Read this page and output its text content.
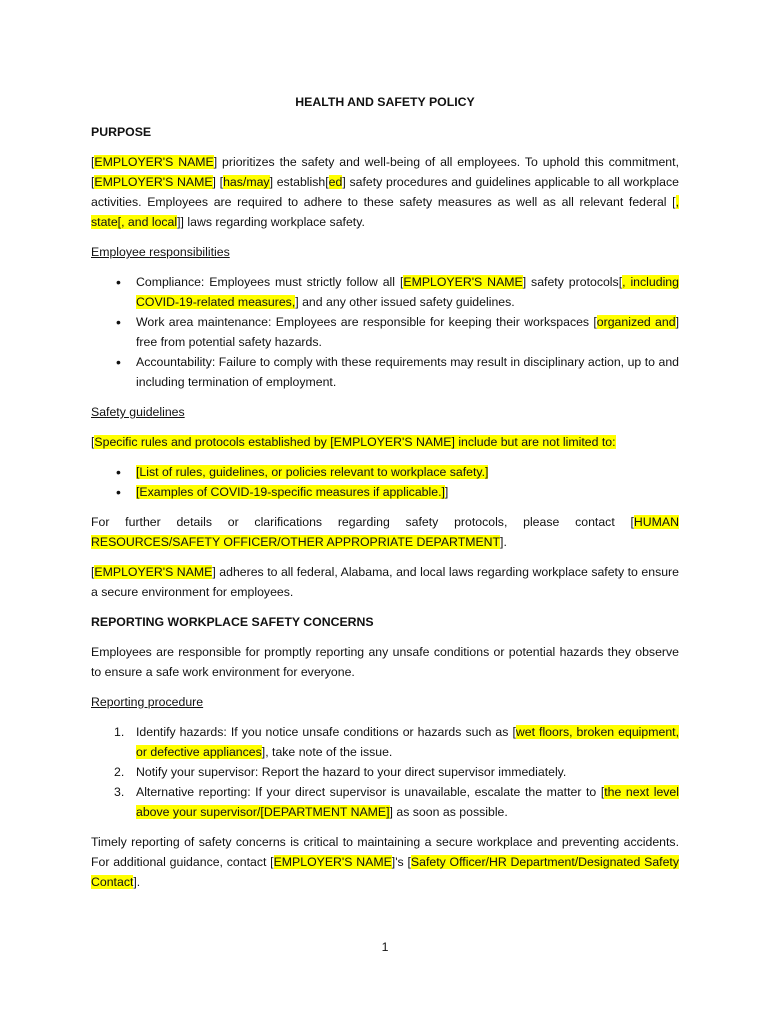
HEALTH AND SAFETY POLICY
PURPOSE

[EMPLOYER'S NAME] prioritizes the safety and well-being of all employees. To uphold this commitment, [EMPLOYER'S NAME] [has/may] establish[ed] safety procedures and guidelines applicable to all workplace activities. Employees are required to adhere to these safety measures as well as all relevant federal [, state[, and local]] laws regarding workplace safety.

Employee responsibilities
• Compliance: Employees must strictly follow all [EMPLOYER'S NAME] safety protocols[, including COVID-19-related measures,] and any other issued safety guidelines.
• Work area maintenance: Employees are responsible for keeping their workspaces [organized and] free from potential safety hazards.
• Accountability: Failure to comply with these requirements may result in disciplinary action, up to and including termination of employment.
Safety guidelines

[Specific rules and protocols established by [EMPLOYER'S NAME] include but are not limited to:

• [List of rules, guidelines, or policies relevant to workplace safety.]
• [Examples of COVID-19-specific measures if applicable.]]

For further details or clarifications regarding safety protocols, please contact [HUMAN RESOURCES/SAFETY OFFICER/OTHER APPROPRIATE DEPARTMENT].

[EMPLOYER'S NAME] adheres to all federal, Alabama, and local laws regarding workplace safety to ensure a secure environment for employees.

REPORTING WORKPLACE SAFETY CONCERNS

Employees are responsible for promptly reporting any unsafe conditions or potential hazards they observe to ensure a safe work environment for everyone.

Reporting procedure
1. Identify hazards: If you notice unsafe conditions or hazards such as [wet floors, broken equipment, or defective appliances], take note of the issue.
2. Notify your supervisor: Report the hazard to your direct supervisor immediately.
3. Alternative reporting: If your direct supervisor is unavailable, escalate the matter to [the next level above your supervisor/[DEPARTMENT NAME]] as soon as possible.

Timely reporting of safety concerns is critical to maintaining a secure workplace and preventing accidents. For additional guidance, contact [EMPLOYER'S NAME]'s [Safety Officer/HR Department/Designated Safety Contact].

1
